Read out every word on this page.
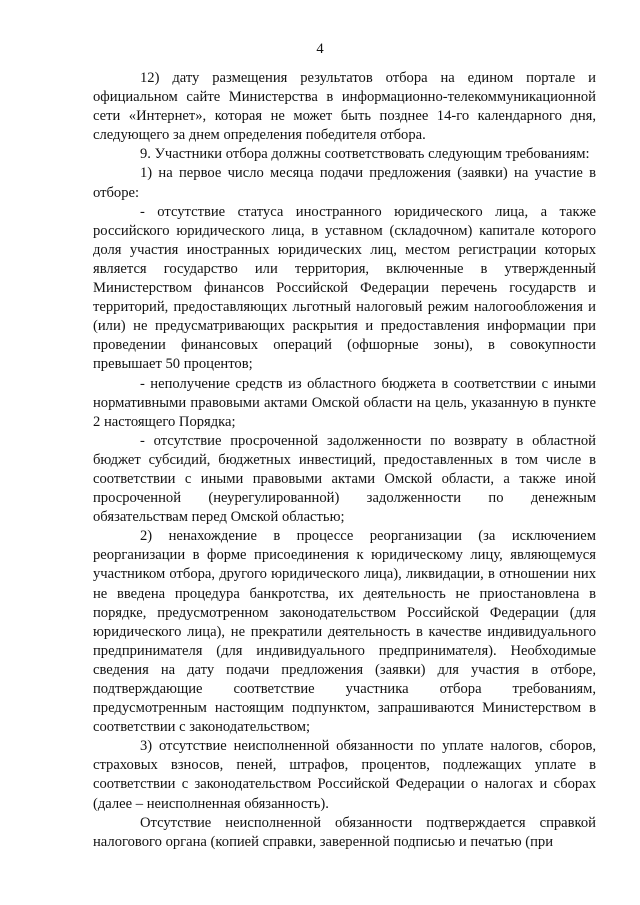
4

12) дату размещения результатов отбора на едином портале и официальном сайте Министерства в информационно-телекоммуникационной сети «Интернет», которая не может быть позднее 14-го календарного дня, следующего за днем определения победителя отбора.

9. Участники отбора должны соответствовать следующим требованиям:

1) на первое число месяца подачи предложения (заявки) на участие в отборе:

- отсутствие статуса иностранного юридического лица, а также российского юридического лица, в уставном (складочном) капитале которого доля участия иностранных юридических лиц, местом регистрации которых является государство или территория, включенные в утвержденный Министерством финансов Российской Федерации перечень государств и территорий, предоставляющих льготный налоговый режим налогообложения и (или) не предусматривающих раскрытия и предоставления информации при проведении финансовых операций (офшорные зоны), в совокупности превышает 50 процентов;

- неполучение средств из областного бюджета в соответствии с иными нормативными правовыми актами Омской области на цель, указанную в пункте 2 настоящего Порядка;

- отсутствие просроченной задолженности по возврату в областной бюджет субсидий, бюджетных инвестиций, предоставленных в том числе в соответствии с иными правовыми актами Омской области, а также иной просроченной (неурегулированной) задолженности по денежным обязательствам перед Омской областью;

2) ненахождение в процессе реорганизации (за исключением реорганизации в форме присоединения к юридическому лицу, являющемуся участником отбора, другого юридического лица), ликвидации, в отношении них не введена процедура банкротства, их деятельность не приостановлена в порядке, предусмотренном законодательством Российской Федерации (для юридического лица), не прекратили деятельность в качестве индивидуального предпринимателя (для индивидуального предпринимателя). Необходимые сведения на дату подачи предложения (заявки) для участия в отборе, подтверждающие соответствие участника отбора требованиям, предусмотренным настоящим подпунктом, запрашиваются Министерством в соответствии с законодательством;

3) отсутствие неисполненной обязанности по уплате налогов, сборов, страховых взносов, пеней, штрафов, процентов, подлежащих уплате в соответствии с законодательством Российской Федерации о налогах и сборах (далее – неисполненная обязанность).

Отсутствие неисполненной обязанности подтверждается справкой налогового органа (копией справки, заверенной подписью и печатью (при
